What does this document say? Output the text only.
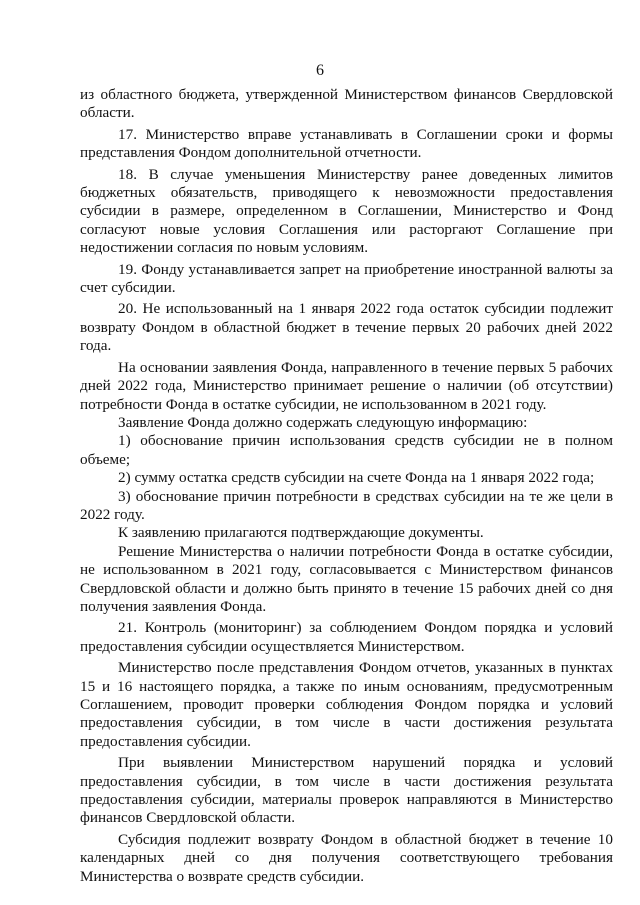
6

из областного бюджета, утвержденной Министерством финансов Свердловской области.

17. Министерство вправе устанавливать в Соглашении сроки и формы представления Фондом дополнительной отчетности.

18. В случае уменьшения Министерству ранее доведенных лимитов бюджетных обязательств, приводящего к невозможности предоставления субсидии в размере, определенном в Соглашении, Министерство и Фонд согласуют новые условия Соглашения или расторгают Соглашение при недостижении согласия по новым условиям.

19. Фонду устанавливается запрет на приобретение иностранной валюты за счет субсидии.

20. Не использованный на 1 января 2022 года остаток субсидии подлежит возврату Фондом в областной бюджет в течение первых 20 рабочих дней 2022 года.

На основании заявления Фонда, направленного в течение первых 5 рабочих дней 2022 года, Министерство принимает решение о наличии (об отсутствии) потребности Фонда в остатке субсидии, не использованном в 2021 году.

Заявление Фонда должно содержать следующую информацию:

1) обоснование причин использования средств субсидии не в полном объеме;

2) сумму остатка средств субсидии на счете Фонда на 1 января 2022 года;

3) обоснование причин потребности в средствах субсидии на те же цели в 2022 году.

К заявлению прилагаются подтверждающие документы.

Решение Министерства о наличии потребности Фонда в остатке субсидии, не использованном в 2021 году, согласовывается с Министерством финансов Свердловской области и должно быть принято в течение 15 рабочих дней со дня получения заявления Фонда.

21. Контроль (мониторинг) за соблюдением Фондом порядка и условий предоставления субсидии осуществляется Министерством.

Министерство после представления Фондом отчетов, указанных в пунктах 15 и 16 настоящего порядка, а также по иным основаниям, предусмотренным Соглашением, проводит проверки соблюдения Фондом порядка и условий предоставления субсидии, в том числе в части достижения результата предоставления субсидии.

При выявлении Министерством нарушений порядка и условий предоставления субсидии, в том числе в части достижения результата предоставления субсидии, материалы проверок направляются в Министерство финансов Свердловской области.

Субсидия подлежит возврату Фондом в областной бюджет в течение 10 календарных дней со дня получения соответствующего требования Министерства о возврате средств субсидии.
